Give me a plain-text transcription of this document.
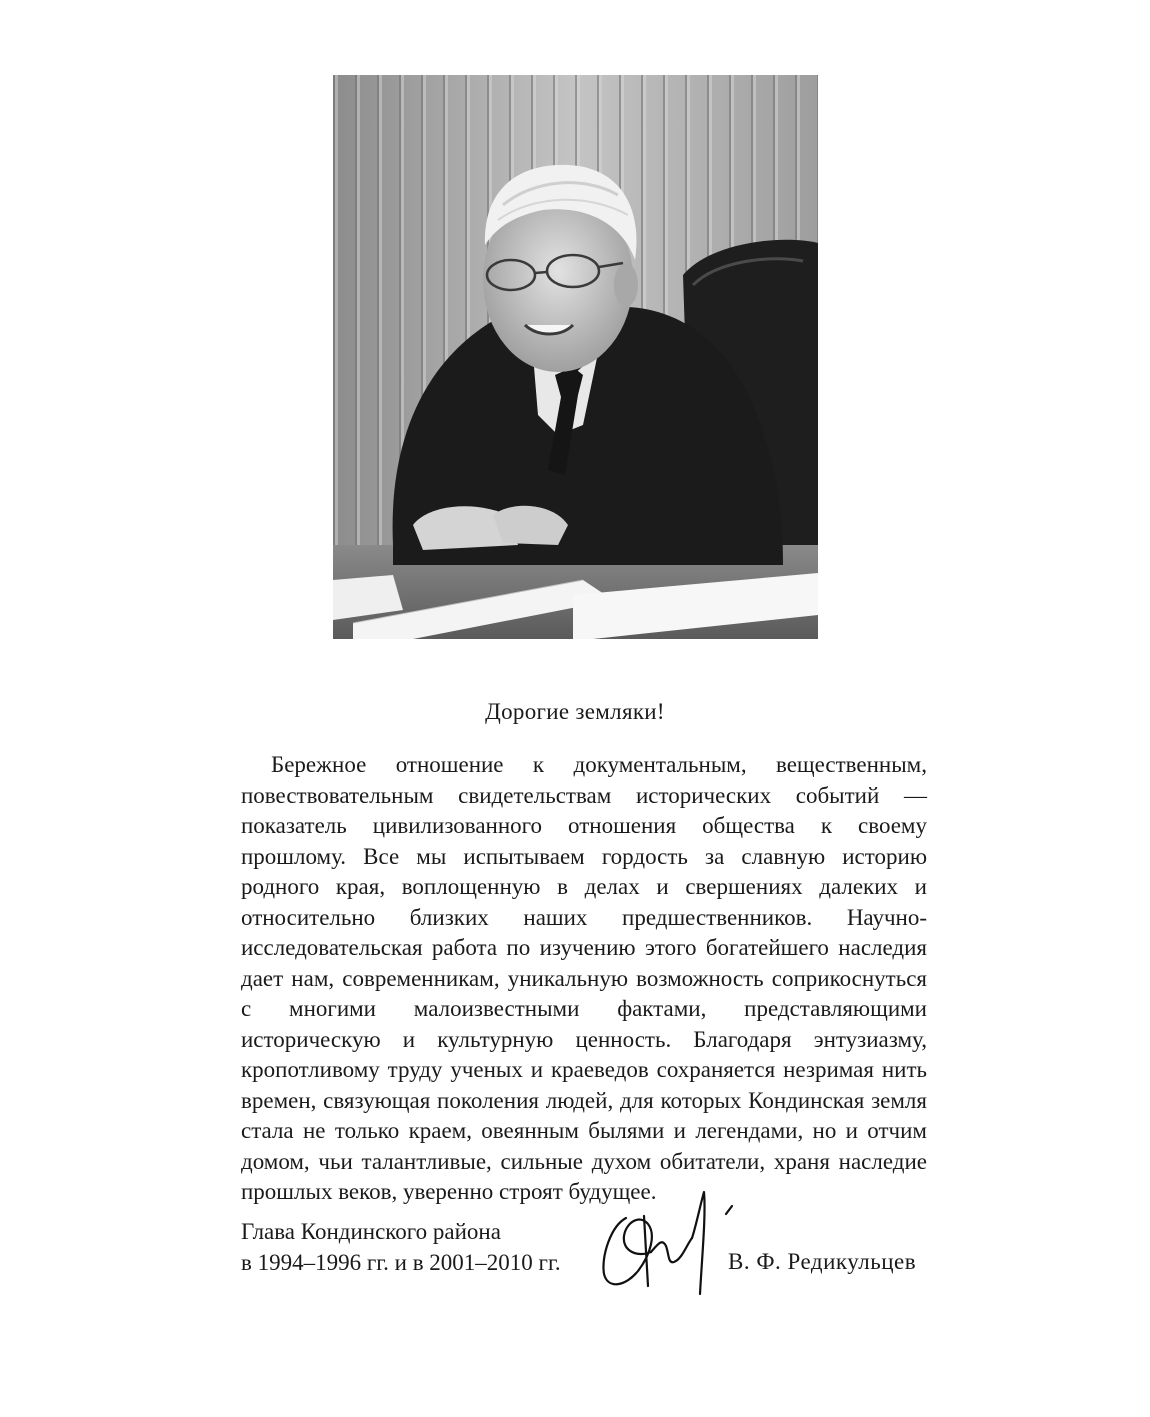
Дорогие земляки!

Бережное отношение к документальным, вещественным, повествовательным свидетельствам исторических событий — показатель цивилизованного отношения общества к своему прошлому. Все мы испытываем гордость за славную историю родного края, воплощенную в делах и свершениях далеких и относительно близких наших предшественников. Научно-исследовательская работа по изучению этого богатейшего наследия дает нам, современникам, уникальную возможность соприкоснуться с многими малоизвестными фактами, представляющими историческую и культурную ценность. Благодаря энтузиазму, кропотливому труду ученых и краеведов сохраняется незримая нить времен, связующая поколения людей, для которых Кондинская земля стала не только краем, овеянным былями и легендами, но и отчим домом, чьи талантливые, сильные духом обитатели, храня наследие прошлых веков, уверенно строят будущее.

Глава Кондинского района
в 1994–1996 гг. и в 2001–2010 гг.	В. Ф. Редикульцев
